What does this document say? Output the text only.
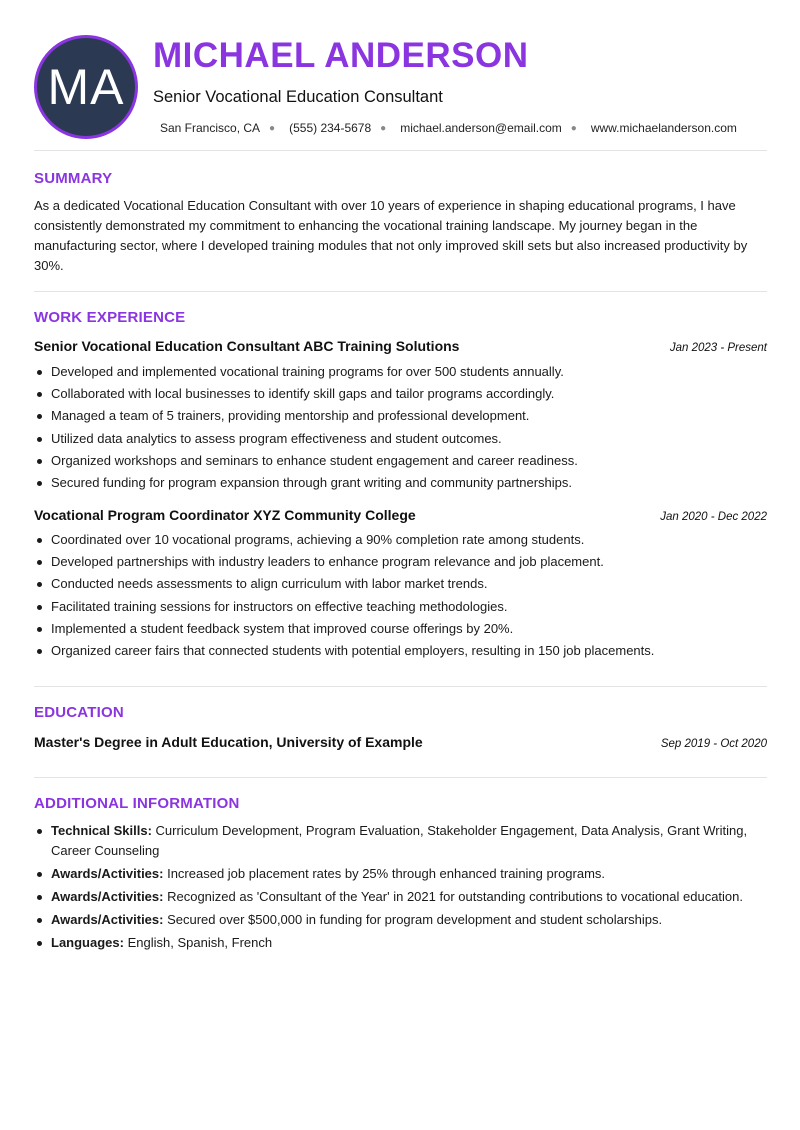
MA
MICHAEL ANDERSON
Senior Vocational Education Consultant
San Francisco, CA ● (555) 234-5678 ● michael.anderson@email.com ● www.michaelanderson.com
SUMMARY

As a dedicated Vocational Education Consultant with over 10 years of experience in shaping educational programs, I have consistently demonstrated my commitment to enhancing the vocational training landscape. My journey began in the manufacturing sector, where I developed training modules that not only improved skill sets but also increased productivity by 30%.

WORK EXPERIENCE
Senior Vocational Education Consultant ABC Training Solutions	Jan 2023 - Present
Developed and implemented vocational training programs for over 500 students annually.
Collaborated with local businesses to identify skill gaps and tailor programs accordingly.
Managed a team of 5 trainers, providing mentorship and professional development.
Utilized data analytics to assess program effectiveness and student outcomes.
Organized workshops and seminars to enhance student engagement and career readiness.
Secured funding for program expansion through grant writing and community partnerships.
Vocational Program Coordinator XYZ Community College	Jan 2020 - Dec 2022
Coordinated over 10 vocational programs, achieving a 90% completion rate among students.
Developed partnerships with industry leaders to enhance program relevance and job placement.
Conducted needs assessments to align curriculum with labor market trends.
Facilitated training sessions for instructors on effective teaching methodologies.
Implemented a student feedback system that improved course offerings by 20%.
Organized career fairs that connected students with potential employers, resulting in 150 job placements.
EDUCATION
Master's Degree in Adult Education, University of Example	Sep 2019 - Oct 2020
ADDITIONAL INFORMATION
Technical Skills: Curriculum Development, Program Evaluation, Stakeholder Engagement, Data Analysis, Grant Writing, Career Counseling
Awards/Activities: Increased job placement rates by 25% through enhanced training programs.
Awards/Activities: Recognized as 'Consultant of the Year' in 2021 for outstanding contributions to vocational education.
Awards/Activities: Secured over $500,000 in funding for program development and student scholarships.
Languages: English, Spanish, French
